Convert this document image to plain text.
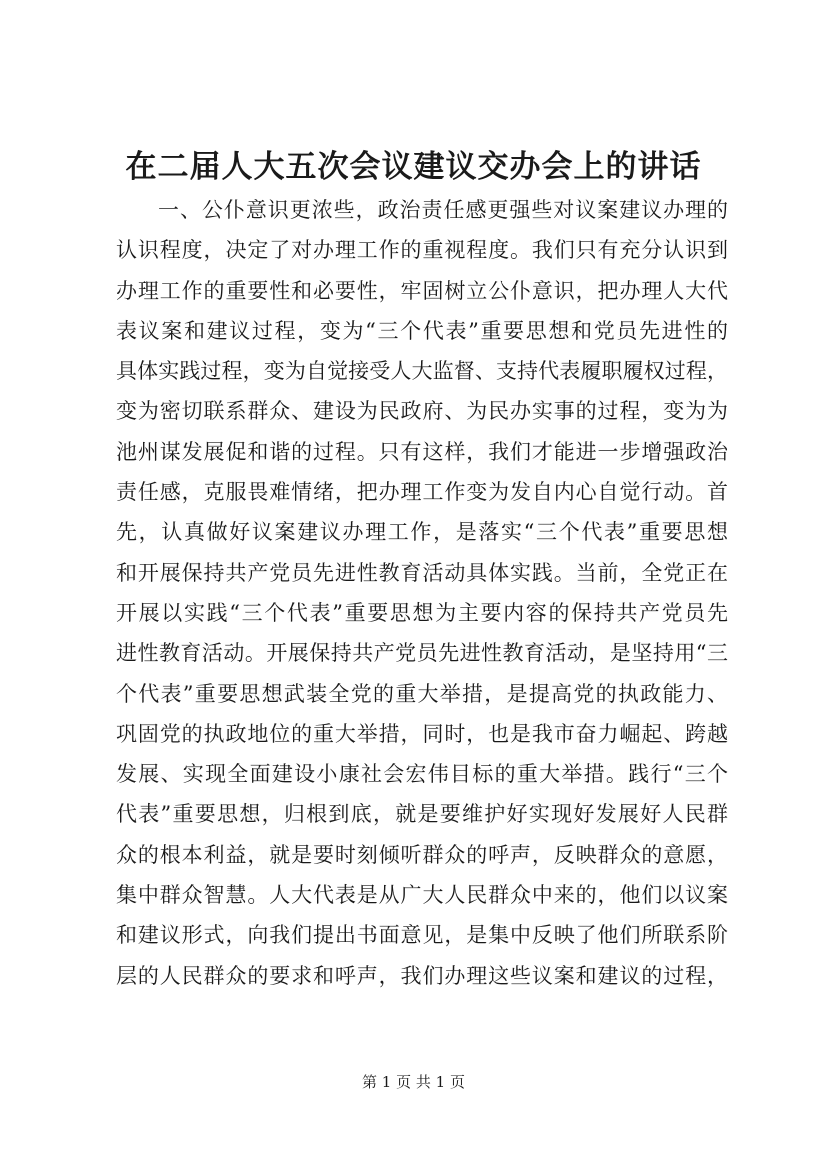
在二届人大五次会议建议交办会上的讲话
一、公仆意识更浓些，政治责任感更强些对议案建议办理的
认识程度，决定了对办理工作的重视程度。我们只有充分认识到
办理工作的重要性和必要性，牢固树立公仆意识，把办理人大代
表议案和建议过程，变为“三个代表”重要思想和党员先进性的
具体实践过程，变为自觉接受人大监督、支持代表履职履权过程，
变为密切联系群众、建设为民政府、为民办实事的过程，变为为
池州谋发展促和谐的过程。只有这样，我们才能进一步增强政治
责任感，克服畏难情绪，把办理工作变为发自内心自觉行动。首
先，认真做好议案建议办理工作，是落实“三个代表”重要思想
和开展保持共产党员先进性教育活动具体实践。当前，全党正在
开展以实践“三个代表”重要思想为主要内容的保持共产党员先
进性教育活动。开展保持共产党员先进性教育活动，是坚持用“三
个代表”重要思想武装全党的重大举措，是提高党的执政能力、
巩固党的执政地位的重大举措，同时，也是我市奋力崛起、跨越
发展、实现全面建设小康社会宏伟目标的重大举措。践行“三个
代表”重要思想，归根到底，就是要维护好实现好发展好人民群
众的根本利益，就是要时刻倾听群众的呼声，反映群众的意愿，
集中群众智慧。人大代表是从广大人民群众中来的，他们以议案
和建议形式，向我们提出书面意见，是集中反映了他们所联系阶
层的人民群众的要求和呼声，我们办理这些议案和建议的过程，
第 1 页 共 1 页
